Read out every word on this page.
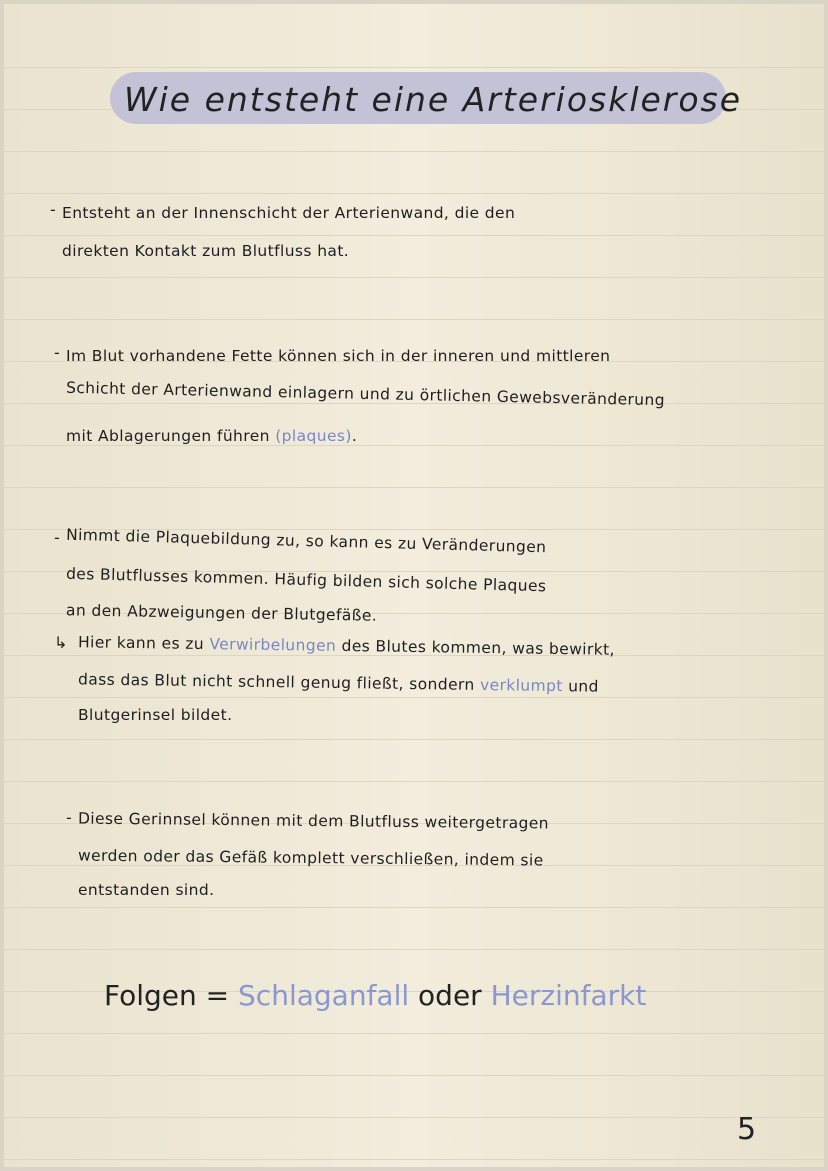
Wie entsteht eine Arteriosklerose
- Entsteht an der Innenschicht der Arterienwand, die den
direkten Kontakt zum Blutfluss hat.
- Im Blut vorhandene Fette können sich in der inneren und mittleren
Schicht der Arterienwand einlagern und zu örtlichen Gewebsveränderung
mit Ablagerungen führen (plaques).
- Nimmt die Plaquebildung zu, so kann es zu Veränderungen
des Blutflusses kommen. Häufig bilden sich solche Plaques
an den Abzweigungen der Blutgefäße.
↳ Hier kann es zu Verwirbelungen des Blutes kommen, was bewirkt,
dass das Blut nicht schnell genug fließt, sondern verklumpt und
Blutgerinsel bildet.
- Diese Gerinnsel können mit dem Blutfluss weitergetragen
werden oder das Gefäß komplett verschließen, indem sie
entstanden sind.
Folgen = Schlaganfall oder Herzinfarkt
5
